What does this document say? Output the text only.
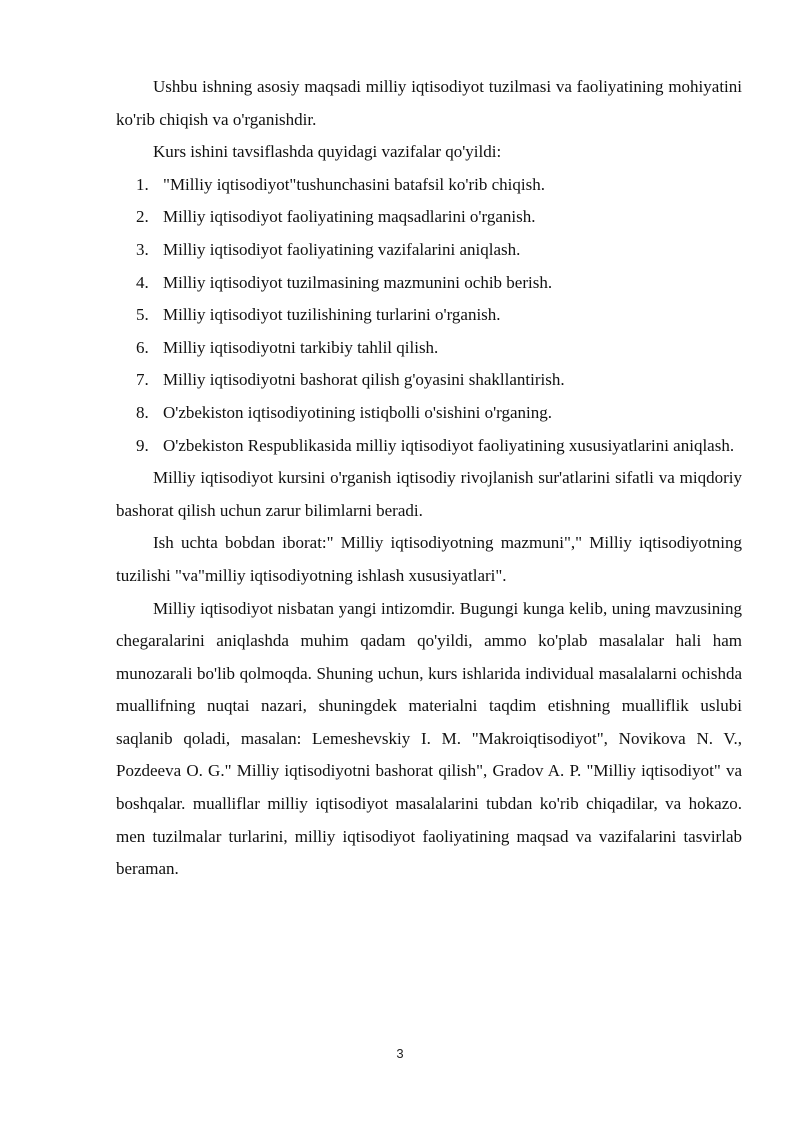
Ushbu ishning asosiy maqsadi milliy iqtisodiyot tuzilmasi va faoliyatining mohiyatini ko'rib chiqish va o'rganishdir.

Kurs ishini tavsiflashda quyidagi vazifalar qo'yildi:

1. "Milliy iqtisodiyot"tushunchasini batafsil ko'rib chiqish.
2. Milliy iqtisodiyot faoliyatining maqsadlarini o'rganish.
3. Milliy iqtisodiyot faoliyatining vazifalarini aniqlash.
4. Milliy iqtisodiyot tuzilmasining mazmunini ochib berish.
5. Milliy iqtisodiyot tuzilishining turlarini o'rganish.
6. Milliy iqtisodiyotni tarkibiy tahlil qilish.
7. Milliy iqtisodiyotni bashorat qilish g'oyasini shakllantirish.
8. O'zbekiston iqtisodiyotining istiqbolli o'sishini o'rganing.
9. O'zbekiston Respublikasida milliy iqtisodiyot faoliyatining xususiyatlarini aniqlash.

Milliy iqtisodiyot kursini o'rganish iqtisodiy rivojlanish sur'atlarini sifatli va miqdoriy bashorat qilish uchun zarur bilimlarni beradi.

Ish uchta bobdan iborat:" Milliy iqtisodiyotning mazmuni"," Milliy iqtisodiyotning tuzilishi "va"milliy iqtisodiyotning ishlash xususiyatlari".

Milliy iqtisodiyot nisbatan yangi intizomdir. Bugungi kunga kelib, uning mavzusining chegaralarini aniqlashda muhim qadam qo'yildi, ammo ko'plab masalalar hali ham munozarali bo'lib qolmoqda. Shuning uchun, kurs ishlarida individual masalalarni ochishda muallifning nuqtai nazari, shuningdek materialni taqdim etishning mualliflik uslubi saqlanib qoladi, masalan: Lemeshevskiy I. M. "Makroiqtisodiyot", Novikova N. V., Pozdeeva O. G." Milliy iqtisodiyotni bashorat qilish", Gradov A. P. "Milliy iqtisodiyot" va boshqalar. mualliflar milliy iqtisodiyot masalalarini tubdan ko'rib chiqadilar, va hokazo. men tuzilmalar turlarini, milliy iqtisodiyot faoliyatining maqsad va vazifalarini tasvirlab beraman.

3
